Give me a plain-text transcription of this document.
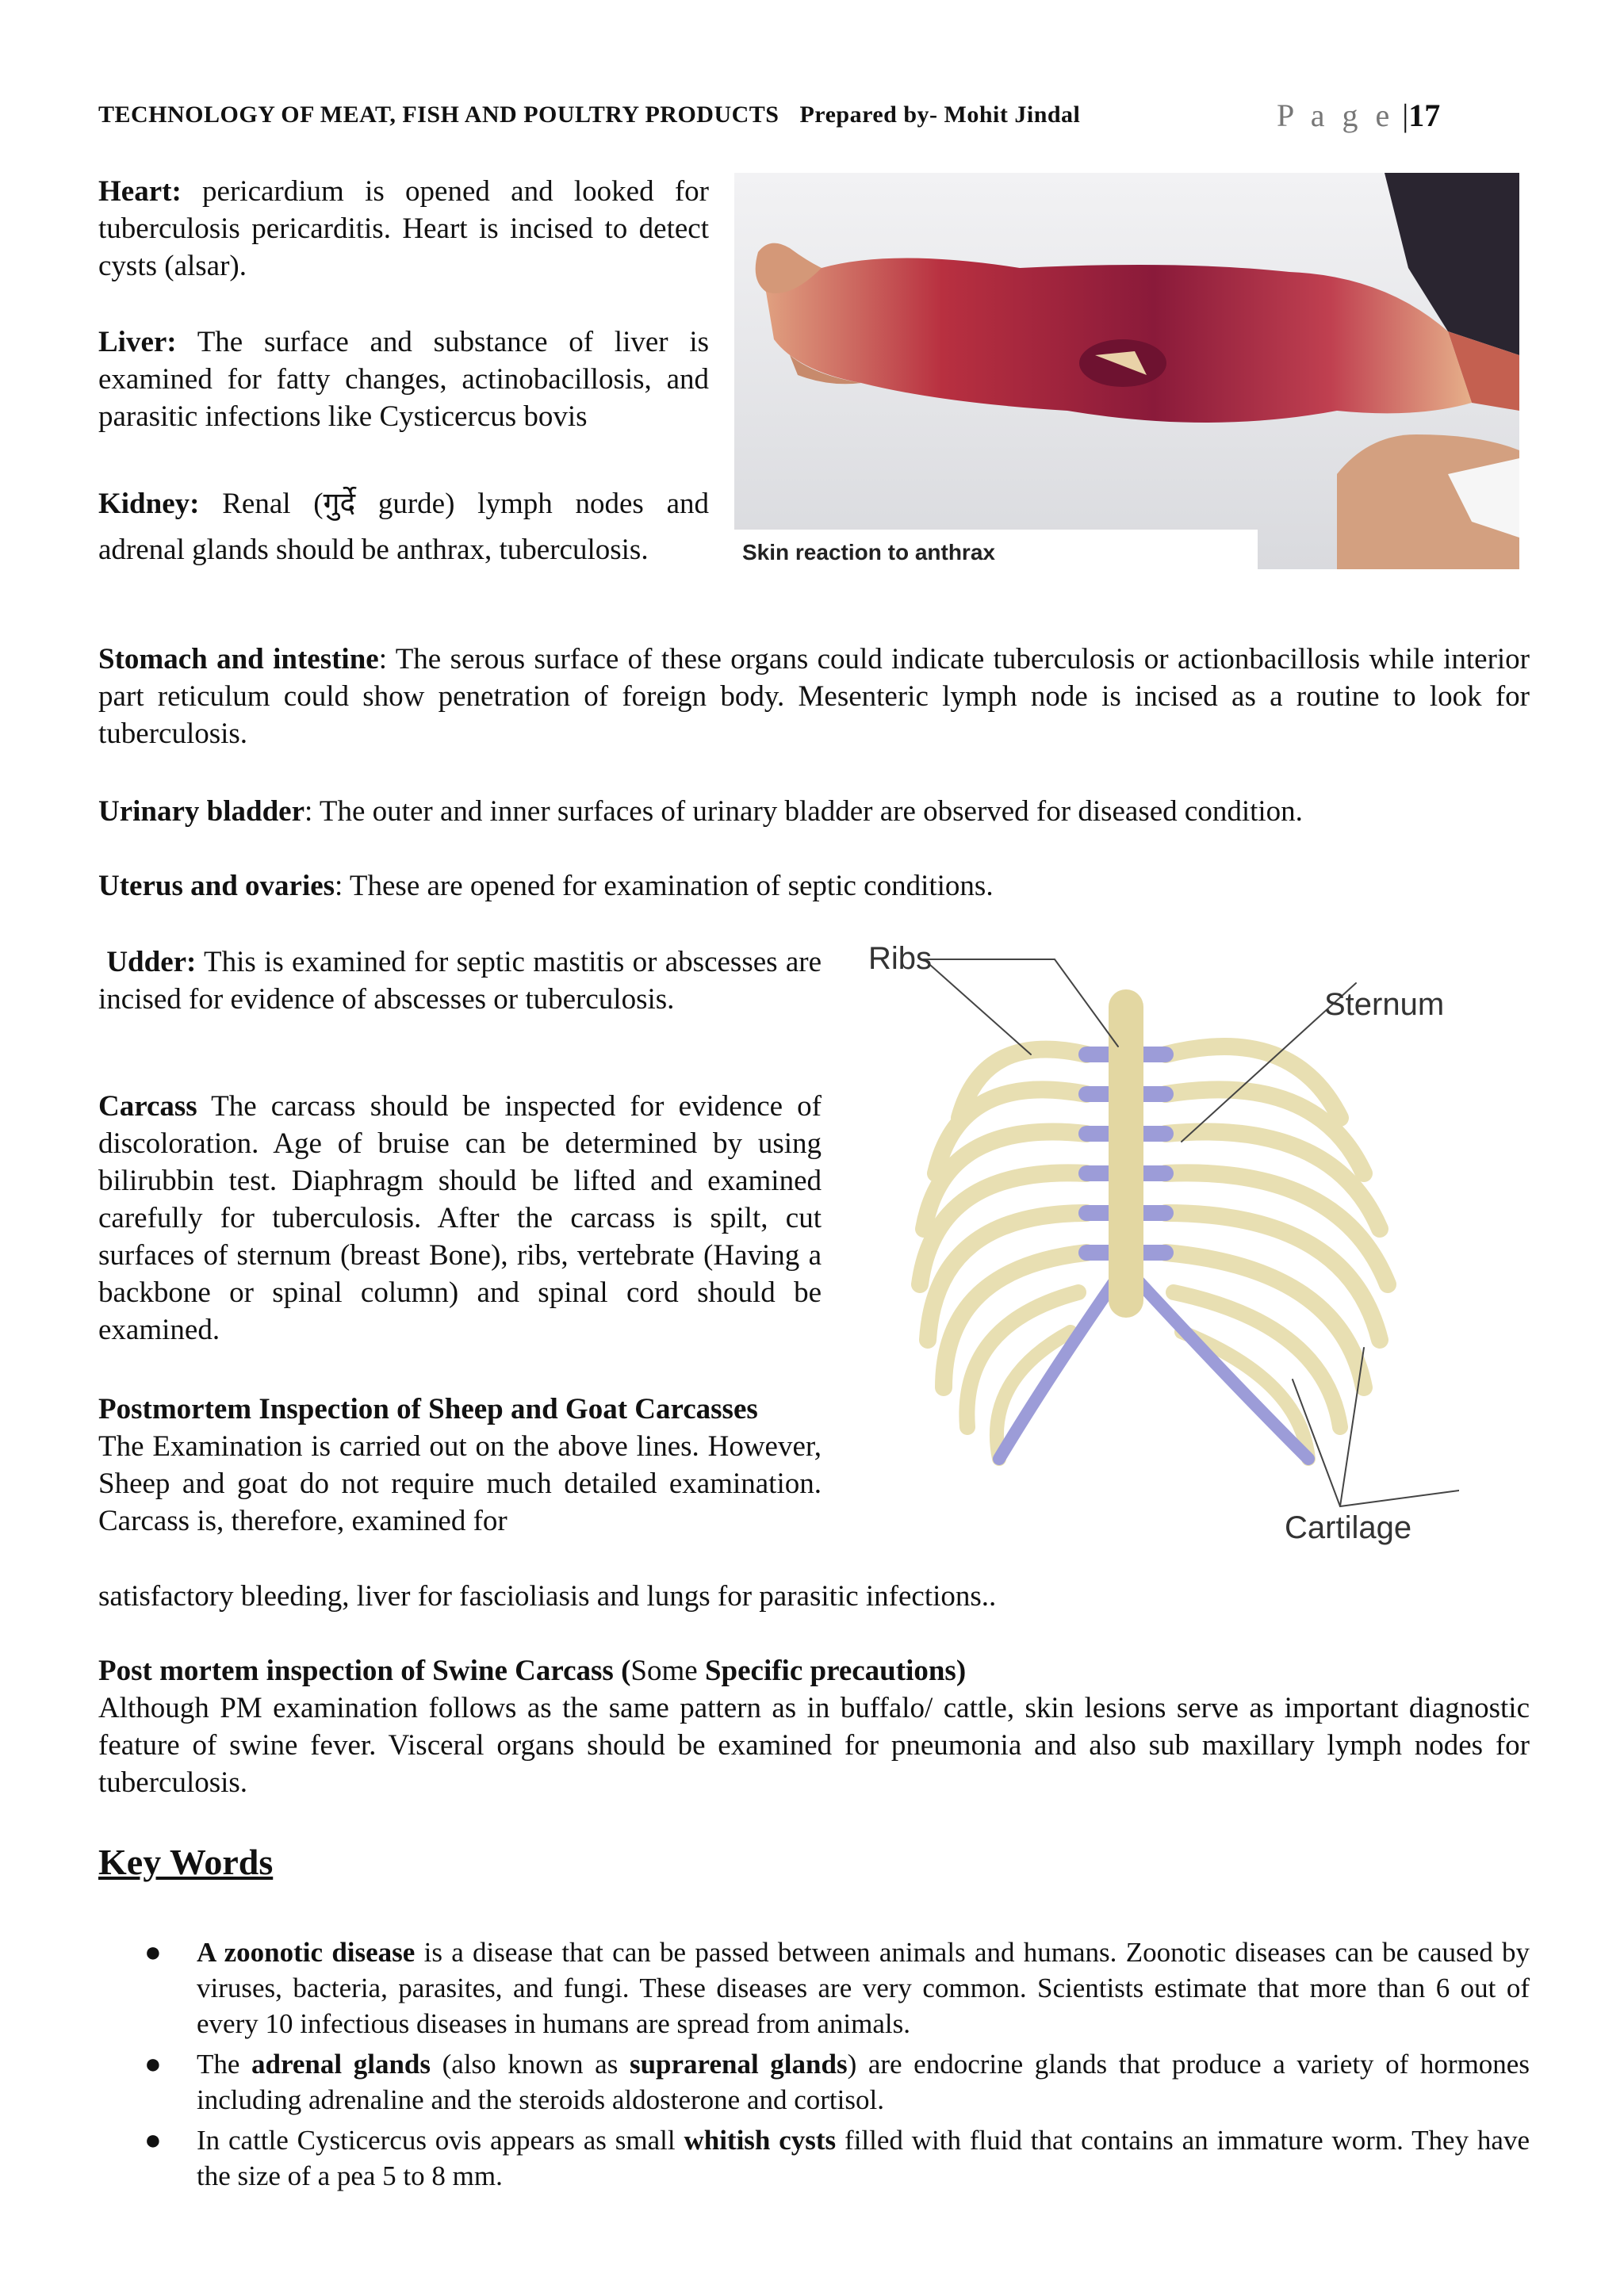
TECHNOLOGY OF MEAT, FISH AND POULTRY PRODUCTS Prepared by- Mohit Jindal	P a g e |17
Heart: pericardium is opened and looked for tuberculosis pericarditis. Heart is incised to detect cysts (alsar).
Liver: The surface and substance of liver is examined for fatty changes, actinobacillosis, and parasitic infections like Cysticercus bovis
Kidney: Renal (गुर्दे gurde) lymph nodes and adrenal glands should be anthrax, tuberculosis.	Skin reaction to anthrax
Stomach and intestine: The serous surface of these organs could indicate tuberculosis or actionbacillosis while interior part reticulum could show penetration of foreign body. Mesenteric lymph node is incised as a routine to look for tuberculosis.
Urinary bladder: The outer and inner surfaces of urinary bladder are observed for diseased condition.
Uterus and ovaries: These are opened for examination of septic conditions.
Udder: This is examined for septic mastitis or abscesses are incised for evidence of abscesses or tuberculosis.
Carcass The carcass should be inspected for evidence of discoloration. Age of bruise can be determined by using bilirubbin test. Diaphragm should be lifted and examined carefully for tuberculosis. After the carcass is spilt, cut surfaces of sternum (breast Bone), ribs, vertebrate (Having a backbone or spinal column) and spinal cord should be examined.
Postmortem Inspection of Sheep and Goat Carcasses
The Examination is carried out on the above lines. However, Sheep and goat do not require much detailed examination. Carcass is, therefore, examined for
satisfactory bleeding, liver for fascioliasis and lungs for parasitic infections..
Ribs
Sternum
Cartilage
Post mortem inspection of Swine Carcass (Some Specific precautions)
Although PM examination follows as the same pattern as in buffalo/ cattle, skin lesions serve as important diagnostic feature of swine fever. Visceral organs should be examined for pneumonia and also sub maxillary lymph nodes for tuberculosis.
Key Words
● A zoonotic disease is a disease that can be passed between animals and humans. Zoonotic diseases can be caused by viruses, bacteria, parasites, and fungi. These diseases are very common. Scientists estimate that more than 6 out of every 10 infectious diseases in humans are spread from animals.
● The adrenal glands (also known as suprarenal glands) are endocrine glands that produce a variety of hormones including adrenaline and the steroids aldosterone and cortisol.
● In cattle Cysticercus ovis appears as small whitish cysts filled with fluid that contains an immature worm. They have the size of a pea 5 to 8 mm.
